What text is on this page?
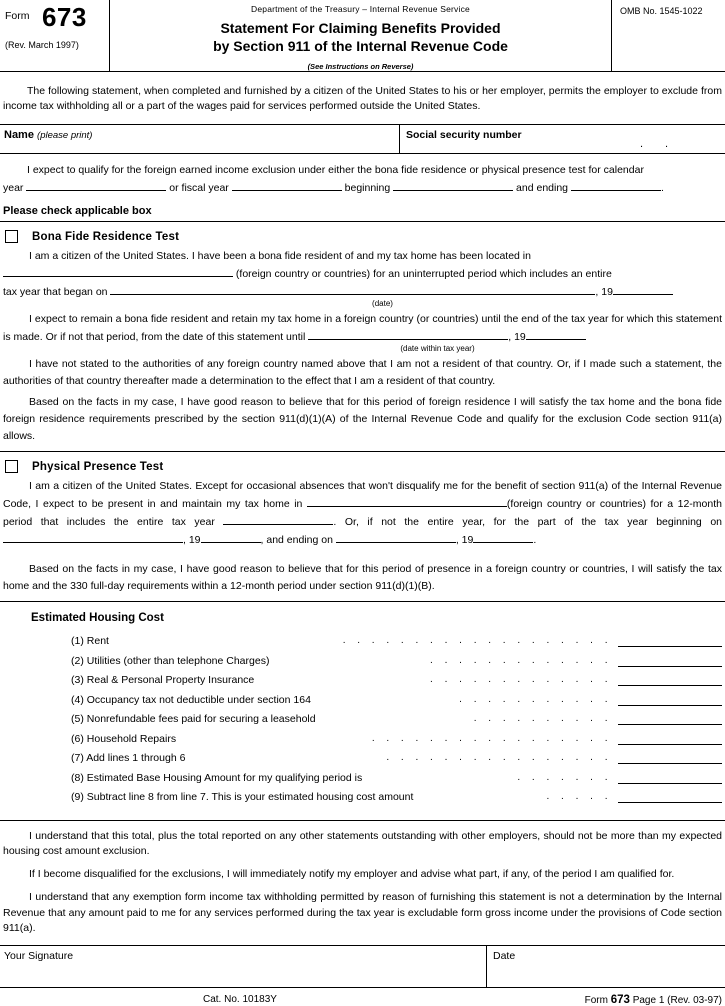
Form 673
(Rev. March 1997)
Department of the Treasury – Internal Revenue Service
Statement For Claiming Benefits Provided
by Section 911 of the Internal Revenue Code
(See Instructions on Reverse)
OMB No. 1545-1022
The following statement, when completed and furnished by a citizen of the United States to his or her employer, permits the employer to exclude from income tax withholding all or a part of the wages paid for services performed outside the United States.
Name (please print)	Social security number
..
I expect to qualify for the foreign earned income exclusion under either the bona fide residence or physical presence test for calendar
year	or fiscal year	beginning	and ending	.
Please check applicable box
Bona Fide Residence Test
I am a citizen of the United States. I have been a bona fide resident of and my tax home has been located in
(foreign country or countries) for an uninterrupted period which includes an entire
tax year that began on	, 19
(date)
I expect to remain a bona fide resident and retain my tax home in a foreign country (or countries) until the end of the tax year for which this statement is made. Or if not that period, from the date of this statement until	, 19
(date within tax year)
I have not stated to the authorities of any foreign country named above that I am not a resident of that country. Or, if I made such a statement, the authorities of that country thereafter made a determination to the effect that I am a resident of that country.
Based on the facts in my case, I have good reason to believe that for this period of foreign residence I will satisfy the tax home and the bona fide foreign residence requirements prescribed by the section 911(d)(1)(A) of the Internal Revenue Code and qualify for the exclusion Code section 911(a) allows.
Physical Presence Test
I am a citizen of the United States. Except for occasional absences that won't disqualify me for the benefit of section 911(a) of the Internal Revenue Code, I expect to be present in and maintain my tax home in	(foreign country or countries) for a 12-month period that includes the entire tax year	. Or, if not the entire year, for the part of the tax year beginning on , 19	, and ending on	, 19	.
Based on the facts in my case, I have good reason to believe that for this period of presence in a foreign country or countries, I will satisfy the tax home and the 330 full-day requirements within a 12-month period under section 911(d)(1)(B).
Estimated Housing Cost
(1) Rent	. . . . . . . . . . . . . . . . . . .
(2) Utilities (other than telephone Charges)	. . . . . . . . . . . . .
(3) Real & Personal Property Insurance	. . . . . . . . . . . . .
(4) Occupancy tax not deductible under section 164	. . . . . . . . . . .
(5) Nonrefundable fees paid for securing a leasehold	. . . . . . . . . .
(6) Household Repairs	. . . . . . . . . . . . . . . . .
(7) Add lines 1 through 6	. . . . . . . . . . . . . . . .
(8) Estimated Base Housing Amount for my qualifying period is	. . . . . . .
(9) Subtract line 8 from line 7. This is your estimated housing cost amount	. . . . .

I understand that this total, plus the total reported on any other statements outstanding with other employers, should not be more than my expected housing cost amount exclusion.

If I become disqualified for the exclusions, I will immediately notify my employer and advise what part, if any, of the period I am qualified for.

I understand that any exemption form income tax withholding permitted by reason of furnishing this statement is not a determination by the Internal Revenue that any amount paid to me for any services performed during the tax year is excludable form gross income under the provisions of Code section 911(a).

Your Signature	Date
Cat. No. 10183Y	Form 673 Page 1 (Rev. 03-97)
